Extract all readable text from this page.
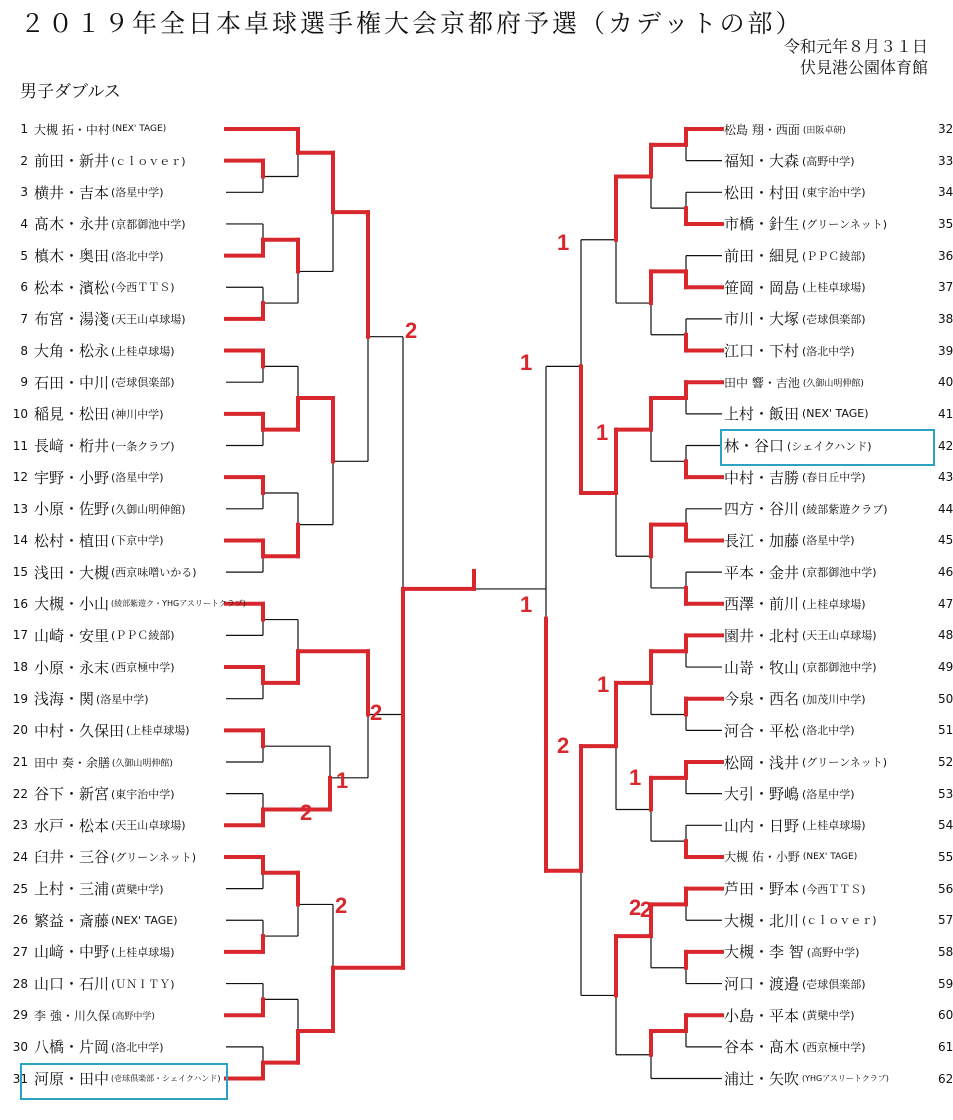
２０１９年全日本卓球選手権大会京都府予選（カデットの部）
令和元年８月３１日
伏見港公園体育館
男子ダブルス
1 大槻 拓・中村 (NEX' TAGE)
2 前田・新井 (ｃｌｏｖｅｒ)
3 横井・吉本 (洛星中学)
4 髙木・永井 (京都御池中学)
5 槙木・奥田 (洛北中学)
6 松本・濱松 (今西ＴＴＳ)
7 布宮・湯淺 (天王山卓球場)
8 大角・松永 (上桂卓球場)
9 石田・中川 (壱球倶楽部)
10 稲見・松田 (神川中学)
11 長﨑・桁井 (一条クラブ)
12 宇野・小野 (洛星中学)
13 小原・佐野 (久御山明伸館)
14 松村・植田 (下京中学)
15 浅田・大槻 (西京味噌いかる)
16 大槻・小山 (綾部紫遊ク・YHGアスリートクラブ)
17 山崎・安里 (ＰＰＣ綾部)
18 小原・永末 (西京極中学)
19 浅海・関 (洛星中学)
20 中村・久保田 (上桂卓球場)
21 田中 奏・余膳 (久御山明伸館)
22 谷下・新宮 (東宇治中学)
23 水戸・松本 (天王山卓球場)
24 臼井・三谷 (グリーンネット)
25 上村・三浦 (黄檗中学)
26 繁益・斎藤 (NEX' TAGE)
27 山﨑・中野 (上桂卓球場)
28 山口・石川 (ＵＮＩＴＹ)
29 李 強・川久保 (高野中学)
30 八橋・片岡 (洛北中学)
31 河原・田中 (壱球倶楽部・シェイクハンド)
松島 翔・西面 (田阪卓研)	32
福知・大森 (高野中学)	33
松田・村田 (東宇治中学)	34
市橋・針生 (グリーンネット)	35
前田・細見 (ＰＰＣ綾部)	36
笹岡・岡島 (上桂卓球場)	37
市川・大塚 (壱球倶楽部)	38
江口・下村 (洛北中学)	39
田中 響・吉池 (久御山明伸館)	40
上村・飯田 (NEX' TAGE)	41
林・谷口 (シェイクハンド)	42
中村・吉勝 (春日丘中学)	43
四方・谷川 (綾部紫遊クラブ)	44
長江・加藤 (洛星中学)	45
平本・金井 (京都御池中学)	46
西澤・前川 (上桂卓球場)	47
園井・北村 (天王山卓球場)	48
山嵜・牧山 (京都御池中学)	49
今泉・西名 (加茂川中学)	50
河合・平松 (洛北中学)	51
松岡・浅井 (グリーンネット)	52
大引・野嶋 (洛星中学)	53
山内・日野 (上桂卓球場)	54
大槻 佑・小野 (NEX' TAGE)	55
芦田・野本 (今西ＴＴＳ)	56
大槻・北川 (ｃｌｏｖｅｒ)	57
大槻・李 智 (高野中学)	58
河口・渡邉 (壱球倶楽部)	59
小島・平本 (黄檗中学)	60
谷本・髙木 (西京極中学)	61
浦辻・矢吹 (YHGアスリートクラブ)	62
2
2
1
2
2
1
1
1
1
2
1
2
1
2
